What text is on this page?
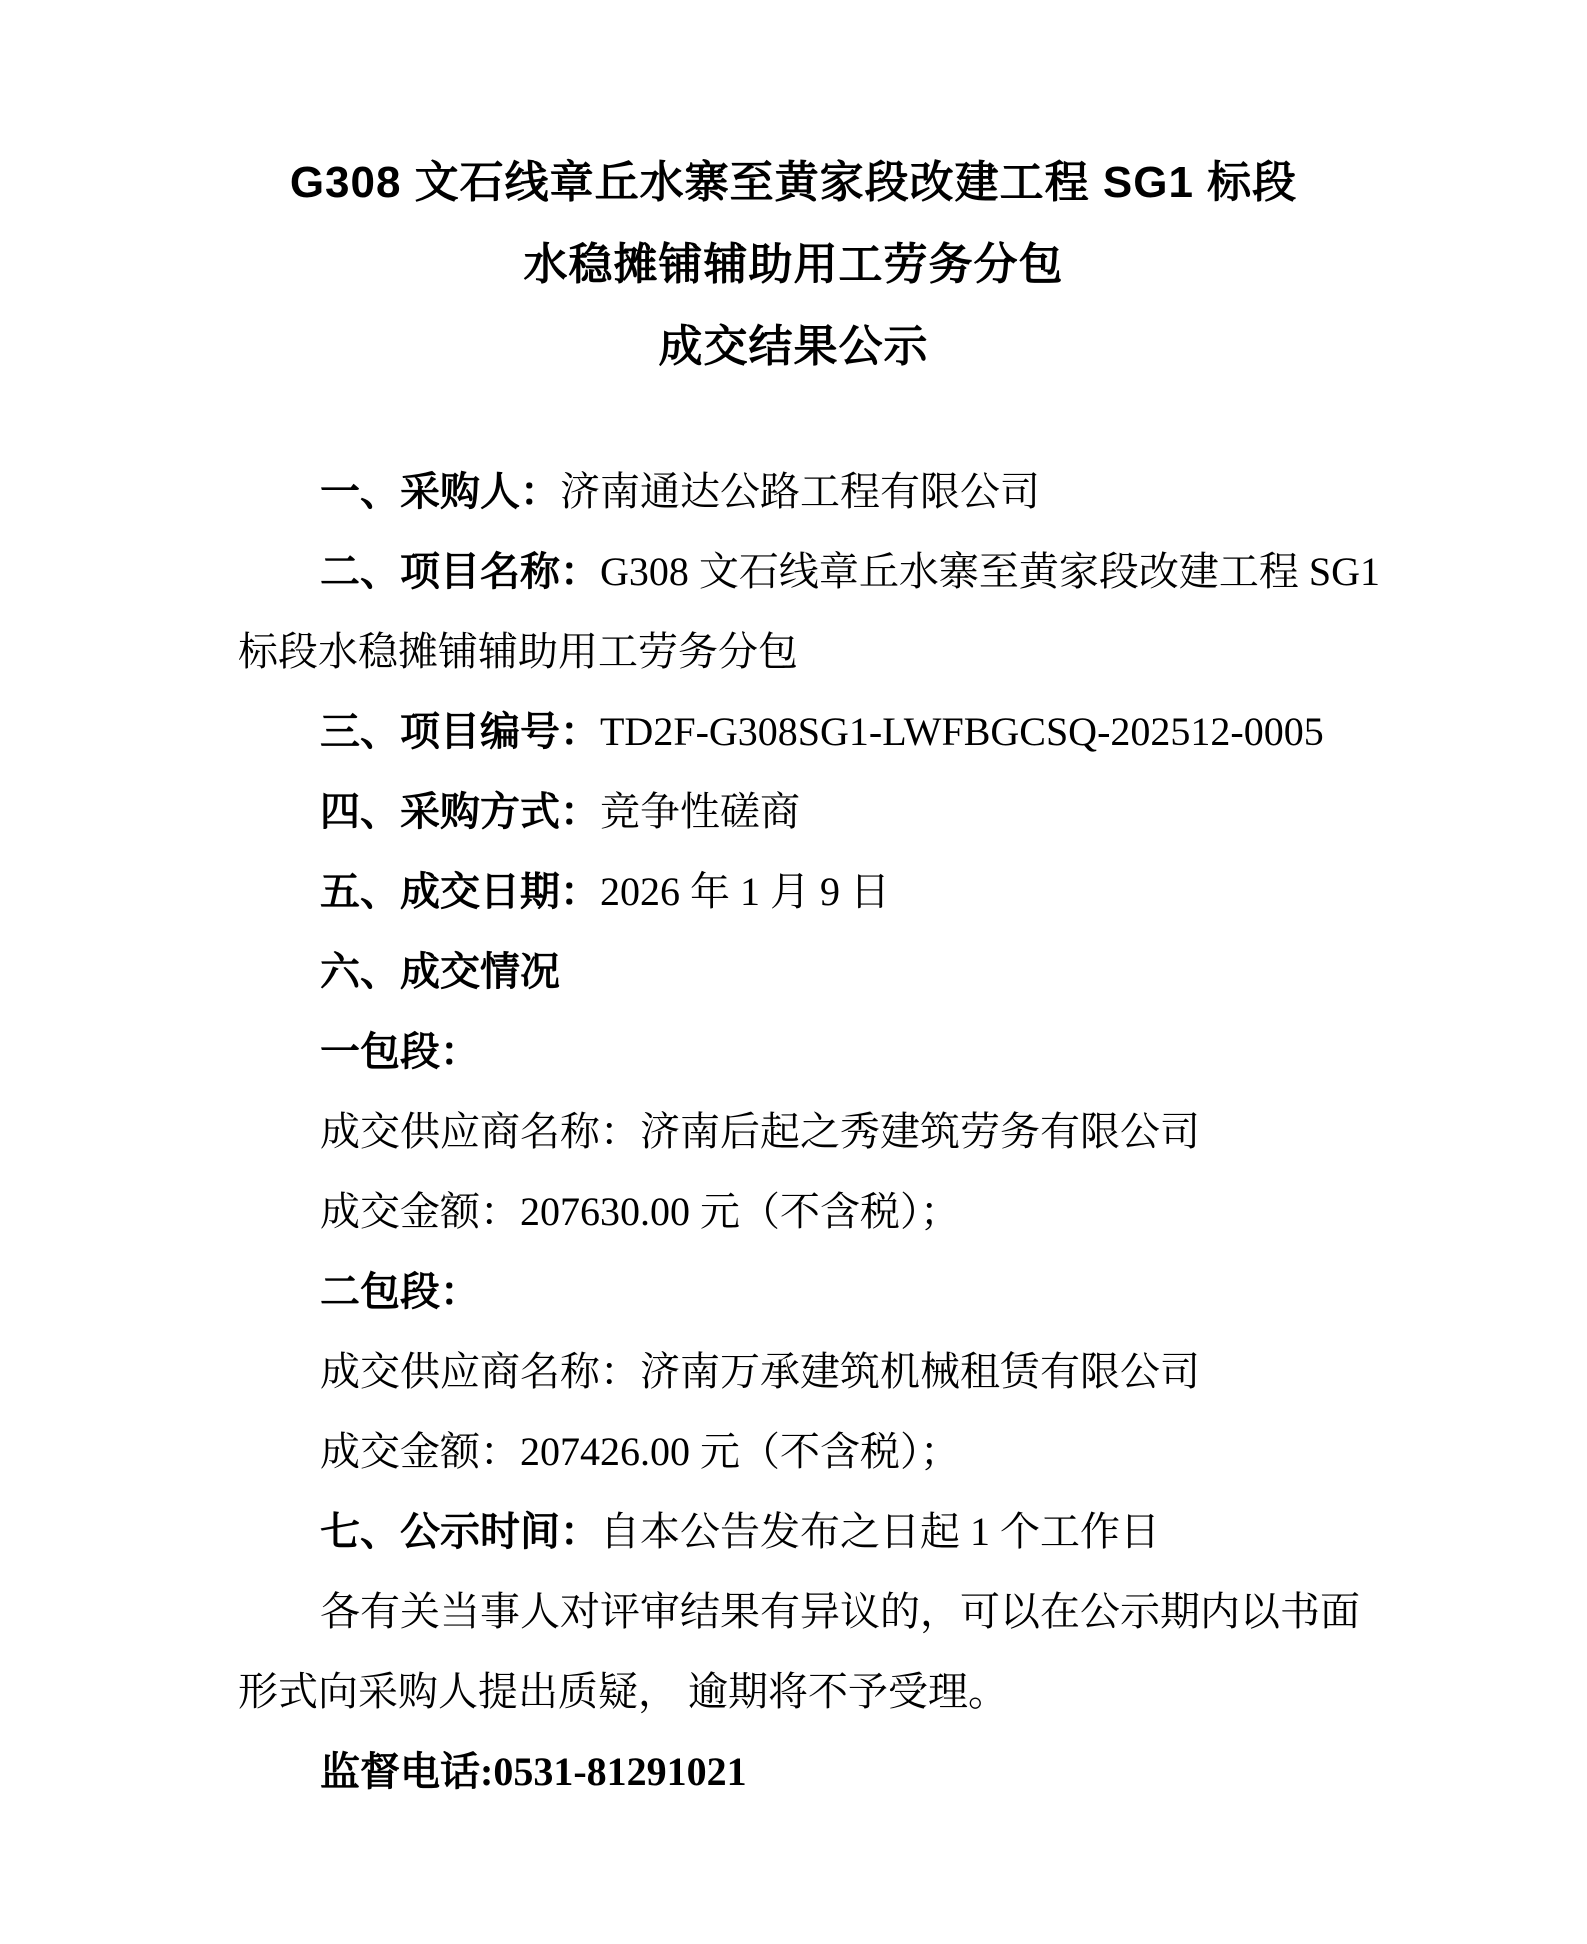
G308 文石线章丘水寨至黄家段改建工程 SG1 标段
水稳摊铺辅助用工劳务分包
成交结果公示

一、采购人：济南通达公路工程有限公司

二、项目名称：G308 文石线章丘水寨至黄家段改建工程 SG1

标段水稳摊铺辅助用工劳务分包

三、项目编号：TD2F-G308SG1-LWFBGCSQ-202512-0005

四、采购方式：竞争性磋商

五、成交日期：2026 年 1 月 9 日

六、成交情况

一包段：

成交供应商名称：济南后起之秀建筑劳务有限公司

成交金额：207630.00 元（不含税）；

二包段：

成交供应商名称：济南万承建筑机械租赁有限公司

成交金额：207426.00 元（不含税）；

七、公示时间：自本公告发布之日起 1 个工作日

各有关当事人对评审结果有异议的，可以在公示期内以书面

形式向采购人提出质疑， 逾期将不予受理。

监督电话:0531-81291021
